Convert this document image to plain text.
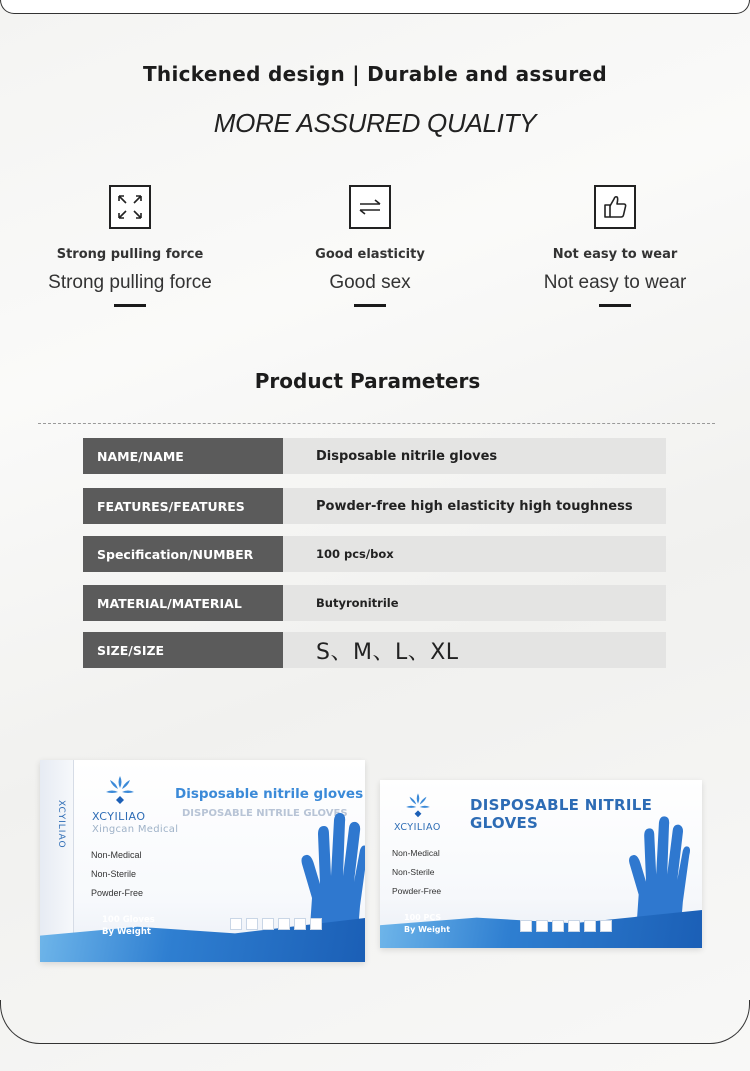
Thickened design | Durable and assured
MORE ASSURED QUALITY
Strong pulling force
Strong pulling force
Good elasticity
Good sex
Not easy to wear
Not easy to wear
Product Parameters
NAME/NAME	Disposable nitrile gloves
FEATURES/FEATURES	Powder-free high elasticity high toughness
Specification/NUMBER	100 pcs/box
MATERIAL/MATERIAL	Butyronitrile
SIZE/SIZE	S、M、L、XL
XCYILIAO XCYILIAO
Disposable nitrile gloves
DISPOSABLE NITRILE GLOVES
Xingcan Medical
Non-Medical
Non-Sterile
Powder-Free
100 Gloves
By Weight
XCYILIAO
DISPOSABLE NITRILE GLOVES
Non-Medical
Non-Sterile
Powder-Free
100 PCS
By Weight
